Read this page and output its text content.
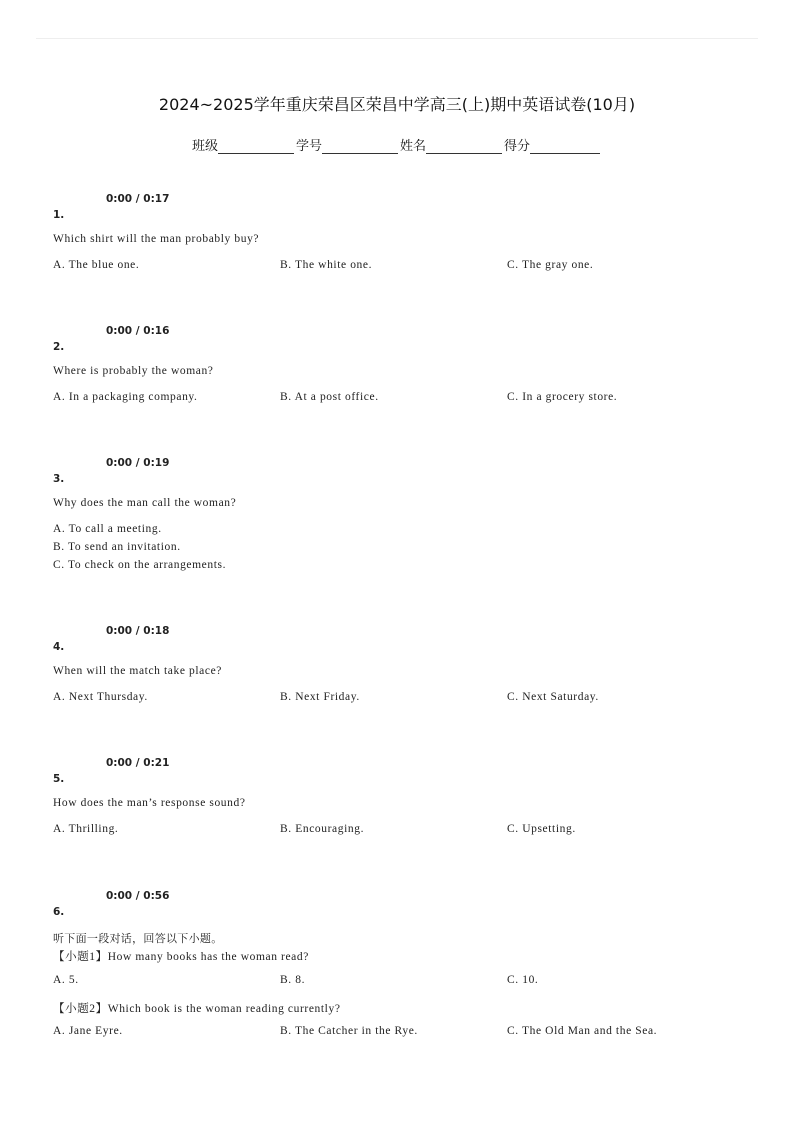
2024~2025学年重庆荣昌区荣昌中学高三(上)期中英语试卷(10月)
班级	学号	姓名	得分
0:00 / 0:17
1.
Which shirt will the man probably buy?
A. The blue one.	B. The white one.	C. The gray one.
0:00 / 0:16
2.
Where is probably the woman?
A. In a packaging company.	B. At a post office.	C. In a grocery store.
0:00 / 0:19
3.
Why does the man call the woman?
A. To call a meeting.
B. To send an invitation.
C. To check on the arrangements.
0:00 / 0:18
4.
When will the match take place?
A. Next Thursday.	B. Next Friday.	C. Next Saturday.
0:00 / 0:21
5.
How does the man’s response sound?
A. Thrilling.	B. Encouraging.	C. Upsetting.
0:00 / 0:56
6.
听下面一段对话，回答以下小题。
【小题1】How many books has the woman read?
A. 5.	B. 8.	C. 10.
【小题2】Which book is the woman reading currently?
A. Jane Eyre.	B. The Catcher in the Rye.	C. The Old Man and the Sea.
